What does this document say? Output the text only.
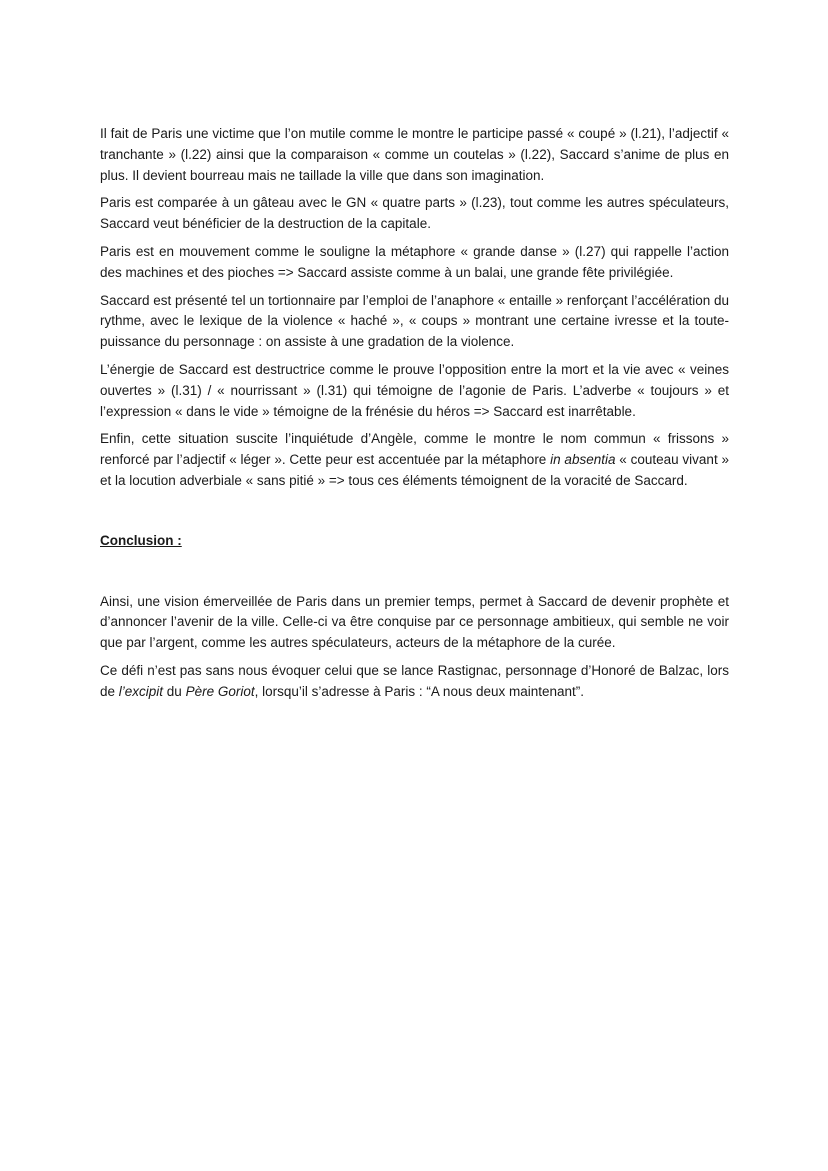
Il fait de Paris une victime que l’on mutile comme le montre le participe passé « coupé » (l.21), l’adjectif « tranchante » (l.22) ainsi que la comparaison « comme un coutelas » (l.22), Saccard s’anime de plus en plus. Il devient bourreau mais ne taillade la ville que dans son imagination.

Paris est comparée à un gâteau avec le GN « quatre parts » (l.23), tout comme les autres spéculateurs, Saccard veut bénéficier de la destruction de la capitale.

Paris est en mouvement comme le souligne la métaphore « grande danse » (l.27) qui rappelle l’action des machines et des pioches => Saccard assiste comme à un balai, une grande fête privilégiée.

Saccard est présenté tel un tortionnaire par l’emploi de l’anaphore « entaille » renforçant l’accélération du rythme, avec le lexique de la violence « haché », « coups » montrant une certaine ivresse et la toute-puissance du personnage : on assiste à une gradation de la violence.

L’énergie de Saccard est destructrice comme le prouve l’opposition entre la mort et la vie avec « veines ouvertes » (l.31) / « nourrissant » (l.31) qui témoigne de l’agonie de Paris. L’adverbe « toujours » et l’expression « dans le vide » témoigne de la frénésie du héros => Saccard est inarrêtable.

Enfin, cette situation suscite l’inquiétude d’Angèle, comme le montre le nom commun « frissons » renforcé par l’adjectif « léger ». Cette peur est accentuée par la métaphore in absentia « couteau vivant » et la locution adverbiale « sans pitié » => tous ces éléments témoignent de la voracité de Saccard.

Conclusion :

Ainsi, une vision émerveillée de Paris dans un premier temps, permet à Saccard de devenir prophète et d’annoncer l’avenir de la ville. Celle-ci va être conquise par ce personnage ambitieux, qui semble ne voir que par l’argent, comme les autres spéculateurs, acteurs de la métaphore de la curée.

Ce défi n’est pas sans nous évoquer celui que se lance Rastignac, personnage d’Honoré de Balzac, lors de l’excipit du Père Goriot, lorsqu’il s’adresse à Paris : “A nous deux maintenant”.
